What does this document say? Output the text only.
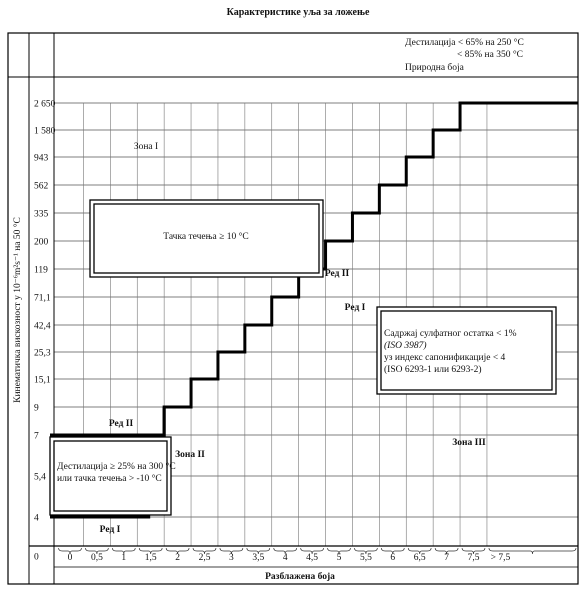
Карактеристике уља за ложење
0
4
5,4
7
9
15,1
25,3
42,4
71,1
119
200
335
562
943
1 580
2 650
0 0,5 1 1,5 2 2,5 3 3,5 4 4,5 5 5,5 6 6,5 7 7,5 > 7,5
Кинематичка вискозност у 10⁻⁶m²s⁻¹ на 50 °C
Разблажена боја
Дестилација < 65% на 250 °C
< 85% на 350 °C
Природна боја
Тачка течења ≥ 10 °C
Дестилација ≥ 25% на 300 °C
или тачка течења > -10 °C
Садржај сулфатног остатка < 1%
(ISO 3987)
уз индекс сапонификације < 4
(ISO 6293-1 или 6293-2)
Зона I
Зона II
Зона III
Ред II
Ред I
Ред II
Ред I
